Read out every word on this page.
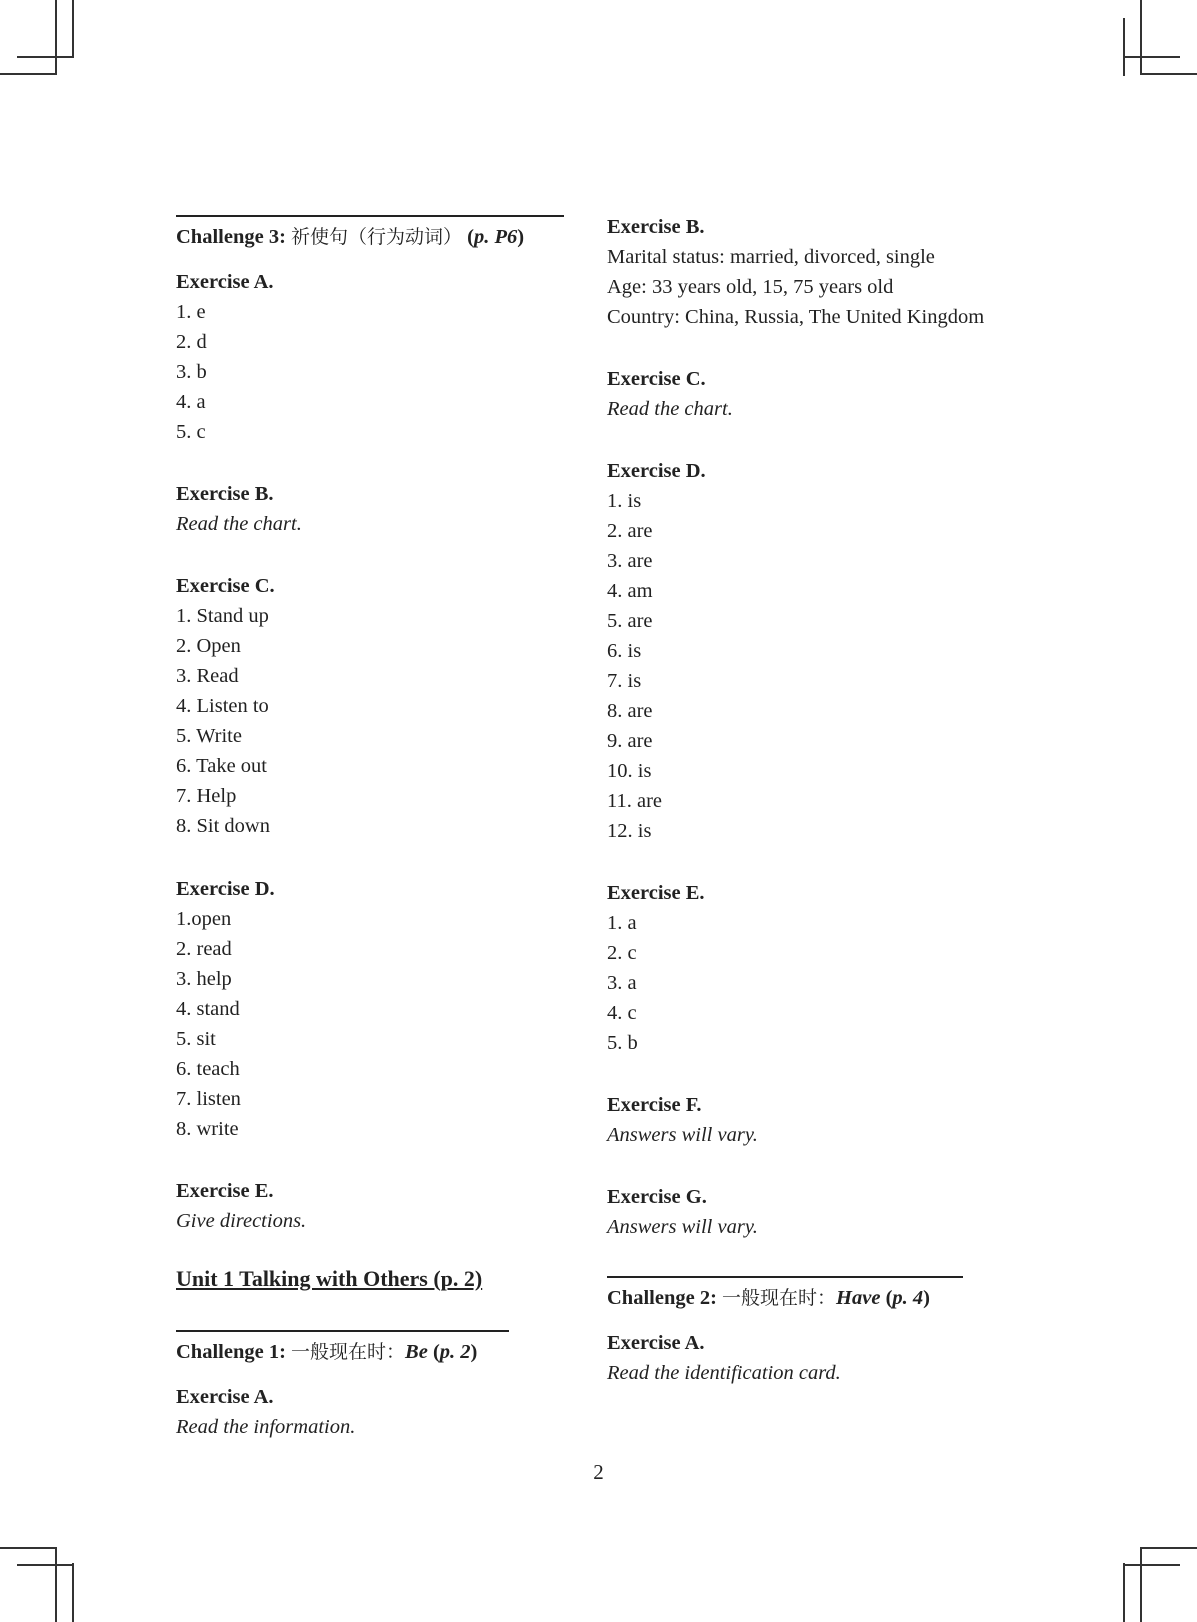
Challenge 3: 祈使句（行为动词） (p. P6)
Exercise A.
1. e
2. d
3. b
4. a
5. c
Exercise B.
Read the chart.
Exercise C.
1. Stand up
2. Open
3. Read
4. Listen to
5. Write
6. Take out
7. Help
8. Sit down
Exercise D.
1.open
2. read
3. help
4. stand
5. sit
6. teach
7. listen
8. write
Exercise E.
Give directions.
Unit 1 Talking with Others (p. 2)
Challenge 1: 一般现在时：Be (p. 2)
Exercise A.
Read the information.
Exercise B.
Marital status: married, divorced, single
Age: 33 years old, 15, 75 years old
Country: China, Russia, The United Kingdom
Exercise C.
Read the chart.
Exercise D.
1. is
2. are
3. are
4. am
5. are
6. is
7. is
8. are
9. are
10. is
11. are
12. is
Exercise E.
1. a
2. c
3. a
4. c
5. b
Exercise F.
Answers will vary.
Exercise G.
Answers will vary.
Challenge 2: 一般现在时：Have (p. 4)
Exercise A.
Read the identification card.
2
